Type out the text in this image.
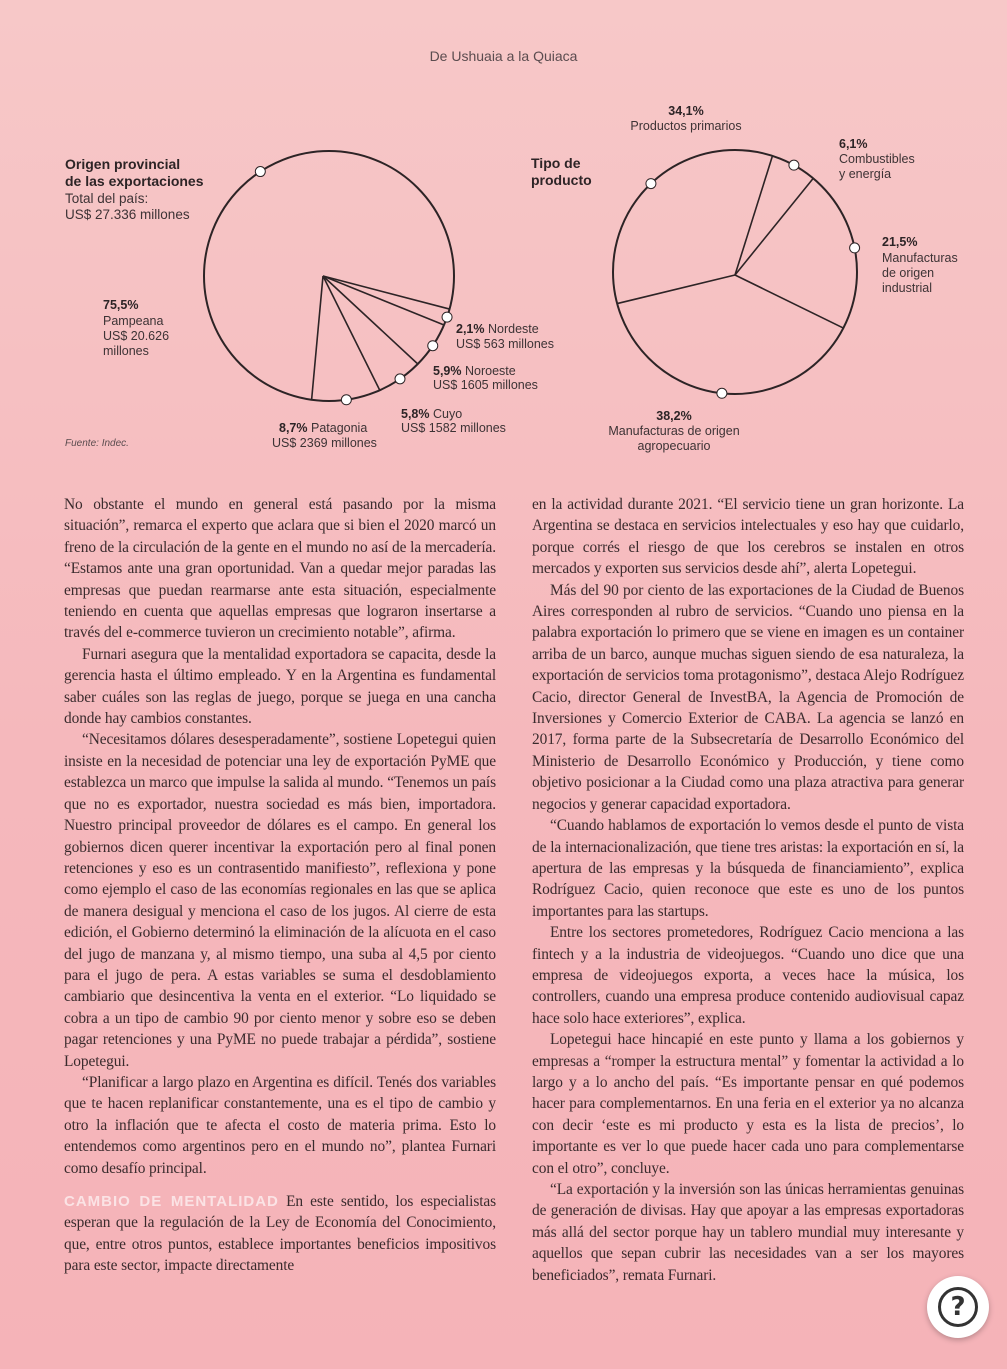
De Ushuaia a la Quiaca
Origen provincial
de las exportaciones
Total del país:
US$ 27.336 millones
75,5%
Pampeana
US$ 20.626
millones
2,1% Nordeste
US$ 563 millones
5,9% Noroeste
US$ 1605 millones
5,8% Cuyo
US$ 1582 millones
8,7% Patagonia
US$ 2369 millones
Fuente: Indec.
Tipo de
producto
34,1%
Productos primarios
6,1%
Combustibles
y energía
21,5%
Manufacturas
de origen
industrial
38,2%
Manufacturas de origen
agropecuario

No obstante el mundo en general está pasando por la misma situación”, remarca el experto que aclara que si bien el 2020 marcó un freno de la circulación de la gente en el mundo no así de la mercadería. “Estamos ante una gran oportunidad. Van a quedar mejor paradas las empresas que puedan rearmarse ante esta situación, especialmente teniendo en cuenta que aquellas empresas que lograron insertarse a través del e-commerce tuvieron un crecimiento notable”, afirma.

Furnari asegura que la mentalidad exportadora se capacita, desde la gerencia hasta el último empleado. Y en la Argentina es fundamental saber cuáles son las reglas de juego, porque se juega en una cancha donde hay cambios constantes.

“Necesitamos dólares desesperadamente”, sostiene Lopetegui quien insiste en la necesidad de potenciar una ley de exportación PyME que establezca un marco que impulse la salida al mundo. “Tenemos un país que no es exportador, nuestra sociedad es más bien, importadora. Nuestro principal proveedor de dólares es el campo. En general los gobiernos dicen querer incentivar la exportación pero al final ponen retenciones y eso es un contrasentido manifiesto”, reflexiona y pone como ejemplo el caso de las economías regionales en las que se aplica de manera desigual y menciona el caso de los jugos. Al cierre de esta edición, el Gobierno determinó la eliminación de la alícuota en el caso del jugo de manzana y, al mismo tiempo, una suba al 4,5 por ciento para el jugo de pera. A estas variables se suma el desdoblamiento cambiario que desincentiva la venta en el exterior. “Lo liquidado se cobra a un tipo de cambio 90 por ciento menor y sobre eso se deben pagar retenciones y una PyME no puede trabajar a pérdida”, sostiene Lopetegui.

“Planificar a largo plazo en Argentina es difícil. Tenés dos variables que te hacen replanificar constantemente, una es el tipo de cambio y otro la inflación que te afecta el costo de materia prima. Esto lo entendemos como argentinos pero en el mundo no”, plantea Furnari como desafío principal.

CAMBIO DE MENTALIDAD En este sentido, los especialistas esperan que la regulación de la Ley de Economía del Conocimiento, que, entre otros puntos, establece importantes beneficios impositivos para este sector, impacte directamente

en la actividad durante 2021. “El servicio tiene un gran horizonte. La Argentina se destaca en servicios intelectuales y eso hay que cuidarlo, porque corrés el riesgo de que los cerebros se instalen en otros mercados y exporten sus servicios desde ahí”, alerta Lopetegui.

Más del 90 por ciento de las exportaciones de la Ciudad de Buenos Aires corresponden al rubro de servicios. “Cuando uno piensa en la palabra exportación lo primero que se viene en imagen es un container arriba de un barco, aunque muchas siguen siendo de esa naturaleza, la exportación de servicios toma protagonismo”, destaca Alejo Rodríguez Cacio, director General de InvestBA, la Agencia de Promoción de Inversiones y Comercio Exterior de CABA. La agencia se lanzó en 2017, forma parte de la Subsecretaría de Desarrollo Económico del Ministerio de Desarrollo Económico y Producción, y tiene como objetivo posicionar a la Ciudad como una plaza atractiva para generar negocios y generar capacidad exportadora.

“Cuando hablamos de exportación lo vemos desde el punto de vista de la internacionalización, que tiene tres aristas: la exportación en sí, la apertura de las empresas y la búsqueda de financiamiento”, explica Rodríguez Cacio, quien reconoce que este es uno de los puntos importantes para las startups.

Entre los sectores prometedores, Rodríguez Cacio menciona a las fintech y a la industria de videojuegos. “Cuando uno dice que una empresa de videojuegos exporta, a veces hace la música, los controllers, cuando una empresa produce contenido audiovisual capaz hace solo hace exteriores”, explica.

Lopetegui hace hincapié en este punto y llama a los gobiernos y empresas a “romper la estructura mental” y fomentar la actividad a lo largo y a lo ancho del país. “Es importante pensar en qué podemos hacer para complementarnos. En una feria en el exterior ya no alcanza con decir ‘este es mi producto y esta es la lista de precios’, lo importante es ver lo que puede hacer cada uno para complementarse con el otro”, concluye.

“La exportación y la inversión son las únicas herramientas genuinas de generación de divisas. Hay que apoyar a las empresas exportadoras más allá del sector porque hay un tablero mundial muy interesante y aquellos que sepan cubrir las necesidades van a ser los mayores beneficiados”, remata Furnari.

?
